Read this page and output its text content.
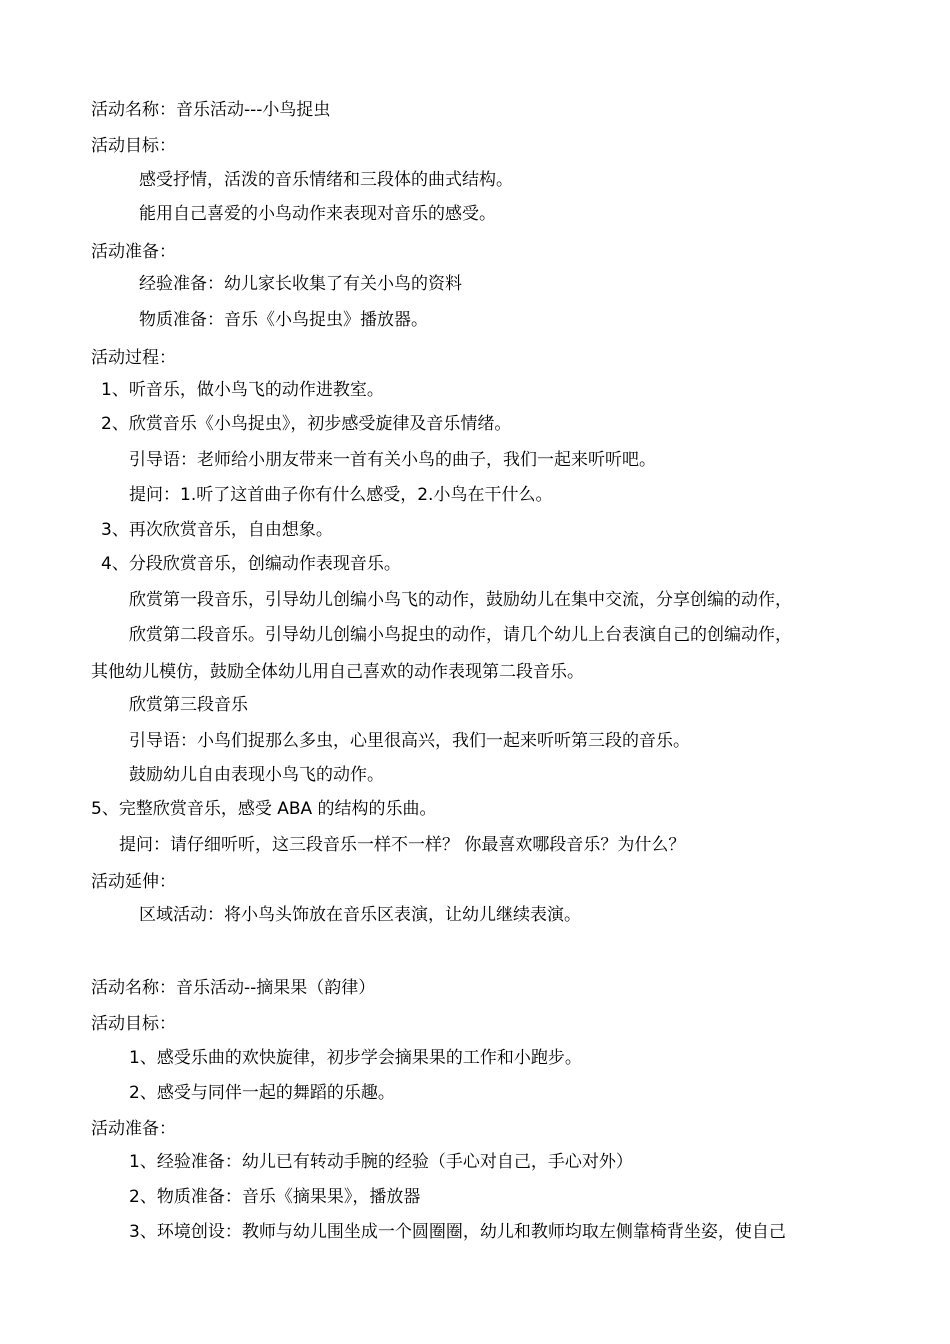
活动名称：音乐活动---小鸟捉虫
活动目标：
感受抒情，活泼的音乐情绪和三段体的曲式结构。
能用自己喜爱的小鸟动作来表现对音乐的感受。
活动准备：
经验准备：幼儿家长收集了有关小鸟的资料
物质准备：音乐《小鸟捉虫》播放器。
活动过程：
1、听音乐，做小鸟飞的动作进教室。
2、欣赏音乐《小鸟捉虫》，初步感受旋律及音乐情绪。
引导语：老师给小朋友带来一首有关小鸟的曲子，我们一起来听听吧。
提问：1.听了这首曲子你有什么感受，2.小鸟在干什么。
3、再次欣赏音乐，自由想象。
4、分段欣赏音乐，创编动作表现音乐。
欣赏第一段音乐，引导幼儿创编小鸟飞的动作，鼓励幼儿在集中交流，分享创编的动作，
欣赏第二段音乐。引导幼儿创编小鸟捉虫的动作，请几个幼儿上台表演自己的创编动作，
其他幼儿模仿，鼓励全体幼儿用自己喜欢的动作表现第二段音乐。
欣赏第三段音乐
引导语：小鸟们捉那么多虫，心里很高兴，我们一起来听听第三段的音乐。
鼓励幼儿自由表现小鸟飞的动作。
5、完整欣赏音乐，感受 ABA 的结构的乐曲。
提问：请仔细听听，这三段音乐一样不一样？ 你最喜欢哪段音乐？为什么？
活动延伸：
区域活动：将小鸟头饰放在音乐区表演，让幼儿继续表演。
活动名称：音乐活动--摘果果（韵律）
活动目标：
1、感受乐曲的欢快旋律，初步学会摘果果的工作和小跑步。
2、感受与同伴一起的舞蹈的乐趣。
活动准备：
1、经验准备：幼儿已有转动手腕的经验（手心对自己，手心对外）
2、物质准备：音乐《摘果果》，播放器
3、环境创设：教师与幼儿围坐成一个圆圈圈，幼儿和教师均取左侧靠椅背坐姿，使自己
